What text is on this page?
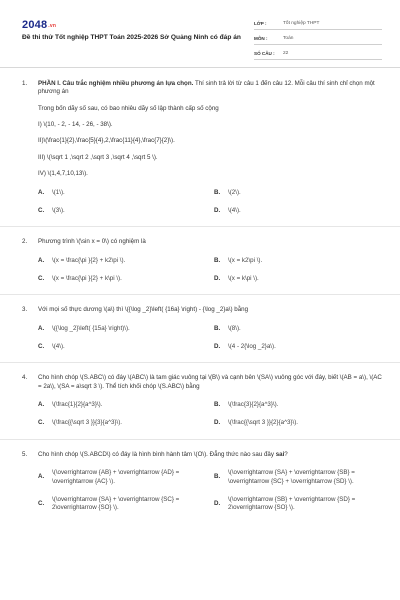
$2048^{.vn}$
Đề thi thử Tốt nghiệp THPT Toán 2025-2026 Sở Quảng Ninh có đáp án
LỚP :	Tốt nghiệp THPT
MÔN :	Toán
SỐ CÂU :	22
1. PHẦN I. Câu trắc nghiệm nhiều phương án lựa chọn. Thí sinh trả lời từ câu 1 đến câu 12. Mỗi câu thí sinh chỉ chọn một phương án
Trong bốn dãy số sau, có bao nhiêu dãy số lập thành cấp số cộng
I) \(10, - 2, - 14, - 26, - 38\).
II)\(\frac{1}{2},\frac{5}{4},2,\frac{11}{4},\frac{7}{2}\).
III) \(\sqrt 1 ,\sqrt 2 ,\sqrt 3 ,\sqrt 4 ,\sqrt 5 \).
IV) \(1,4,7,10,13\).
A.	\(1\).	B.	\(2\).
C.	\(3\).	D.	\(4\).
2. Phương trình \(\sin x = 0\) có nghiệm là
A.	\(x = \frac{\pi }{2} + k2\pi \).	B.	\(x = k2\pi \).
C.	\(x = \frac{\pi }{2} + k\pi \).	D.	\(x = k\pi \).
3. Với mọi số thực dương \(a\) thì \({\log _2}\left( {16a} \right) - {\log _2}a\) bằng
A.	\({\log _2}\left( {15a} \right)\).	B.	\(8\).
C.	\(4\).	D.	\(4 - 2{\log _2}a\).
4. Cho hình chóp \(S.ABC\) có đáy \(ABC\) là tam giác vuông tại \(B\) và cạnh bên \(SA\) vuông góc với đáy, biết \(AB = a\), \(AC = 2a\), \(SA = a\sqrt 3 \). Thể tích khối chóp \(S.ABC\) bằng
A.	\(\frac{1}{2}{a^3}\).	B.	\(\frac{3}{2}{a^3}\).
C.	\(\frac{{\sqrt 3 }}{3}{a^3}\).	D.	\(\frac{{\sqrt 3 }}{2}{a^3}\).
5. Cho hình chóp \(S.ABCD\) có đáy là hình bình hành tâm \(O\). Đẳng thức nào sau đây sai?
A.
\(\overrightarrow {AB} + \overrightarrow {AD} = \overrightarrow {AC} \).
B.
\(\overrightarrow {SA} + \overrightarrow {SB} = \overrightarrow {SC} + \overrightarrow {SD} \).
C.
\(\overrightarrow {SA} + \overrightarrow {SC} = 2\overrightarrow {SO} \).
D.
\(\overrightarrow {SB} + \overrightarrow {SD} = 2\overrightarrow {SO} \).
